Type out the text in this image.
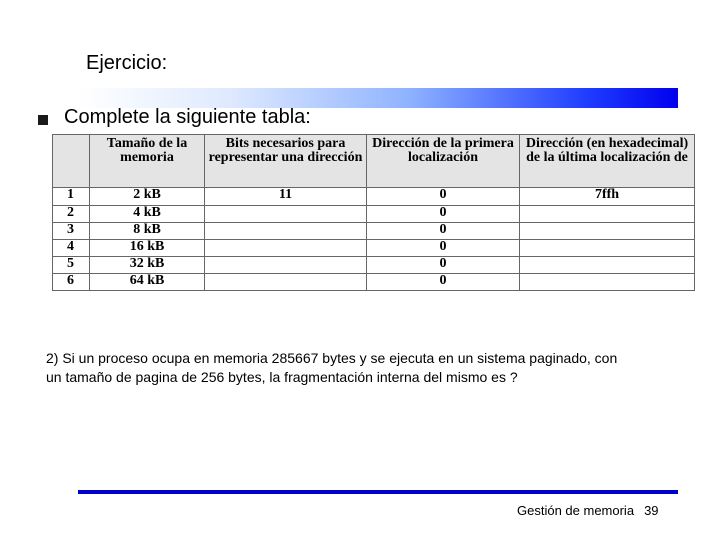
Ejercicio:
Complete la siguiente tabla:
	Tamaño de la memoria	Bits necesarios para representar una dirección	Dirección de la primera localización	Dirección (en hexadecimal) de la última localización de
1	2 kB	11	0	7ffh
2	4 kB		0	
3	8 kB		0	
4	16 kB		0	
5	32 kB		0	
6	64 kB		0	
2) Si un proceso ocupa en memoria 285667 bytes y se ejecuta en un sistema paginado, con
un tamaño de pagina de 256 bytes, la fragmentación interna del mismo es ?
Gestión de memoria 39
